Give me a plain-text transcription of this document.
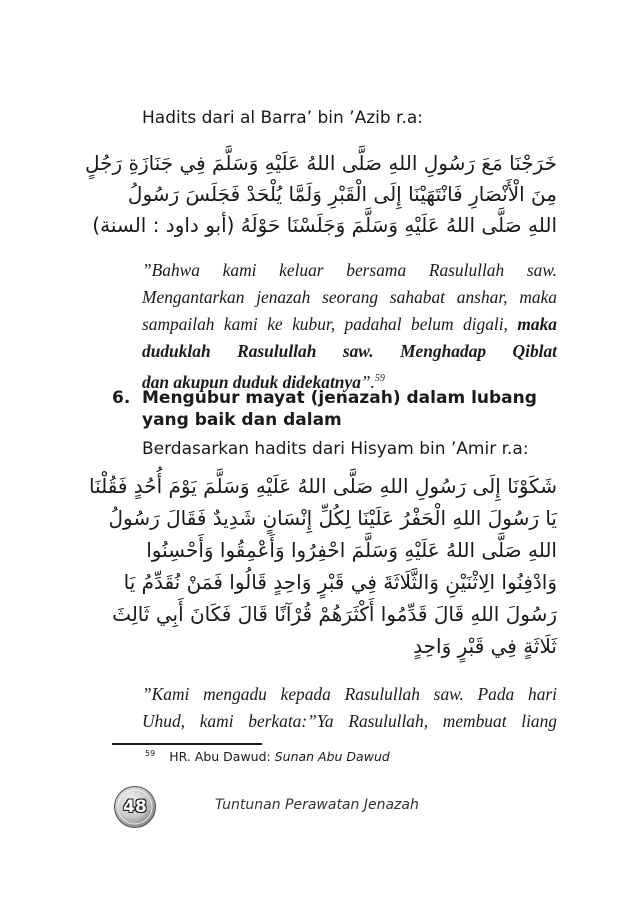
Hadits dari al Barra’ bin ’Azib r.a:

خَرَجْنَا مَعَ رَسُولِ اللهِ صَلَّى اللهُ عَلَيْهِ وَسَلَّمَ فِي جَنَازَةِ رَجُلٍ
مِنَ الْأَنْصَارِ فَانْتَهَيْنَا إِلَى الْقَبْرِ وَلَمَّا يُلْحَدْ فَجَلَسَ رَسُولُ
اللهِ صَلَّى اللهُ عَلَيْهِ وَسَلَّمَ وَجَلَسْنَا حَوْلَهُ (أبو داود : السنة)
”Bahwa kami keluar bersama Rasulullah saw.
Mengantarkan jenazah seorang sahabat anshar, maka
sampailah kami ke kubur, padahal belum digali, maka
duduklah Rasulullah saw. Menghadap Qiblat
dan akupun duduk didekatnya”.$^{59}$
6. Mengubur mayat (jenazah) dalam lubang yang baik dan dalam

Berdasarkan hadits dari Hisyam bin ’Amir r.a:

شَكَوْنَا إِلَى رَسُولِ اللهِ صَلَّى اللهُ عَلَيْهِ وَسَلَّمَ يَوْمَ أُحُدٍ فَقُلْنَا
يَا رَسُولَ اللهِ الْحَفْرُ عَلَيْنَا لِكُلِّ إِنْسَانٍ شَدِيدٌ فَقَالَ رَسُولُ
اللهِ صَلَّى اللهُ عَلَيْهِ وَسَلَّمَ احْفِرُوا وَأَعْمِقُوا وَأَحْسِنُوا
وَادْفِنُوا الِاثْنَيْنِ وَالثَّلَاثَةَ فِي قَبْرٍ وَاحِدٍ قَالُوا فَمَنْ نُقَدِّمُ يَا
رَسُولَ اللهِ قَالَ قَدِّمُوا أَكْثَرَهُمْ قُرْآنًا قَالَ فَكَانَ أَبِي ثَالِثَ
ثَلَاثَةٍ فِي قَبْرٍ وَاحِدٍ
”Kami mengadu kepada Rasulullah saw. Pada hari
Uhud, kami berkata:”Ya Rasulullah, membuat liang

$^{59}$ HR. Abu Dawud: Sunan Abu Dawud

48	Tuntunan Perawatan Jenazah
